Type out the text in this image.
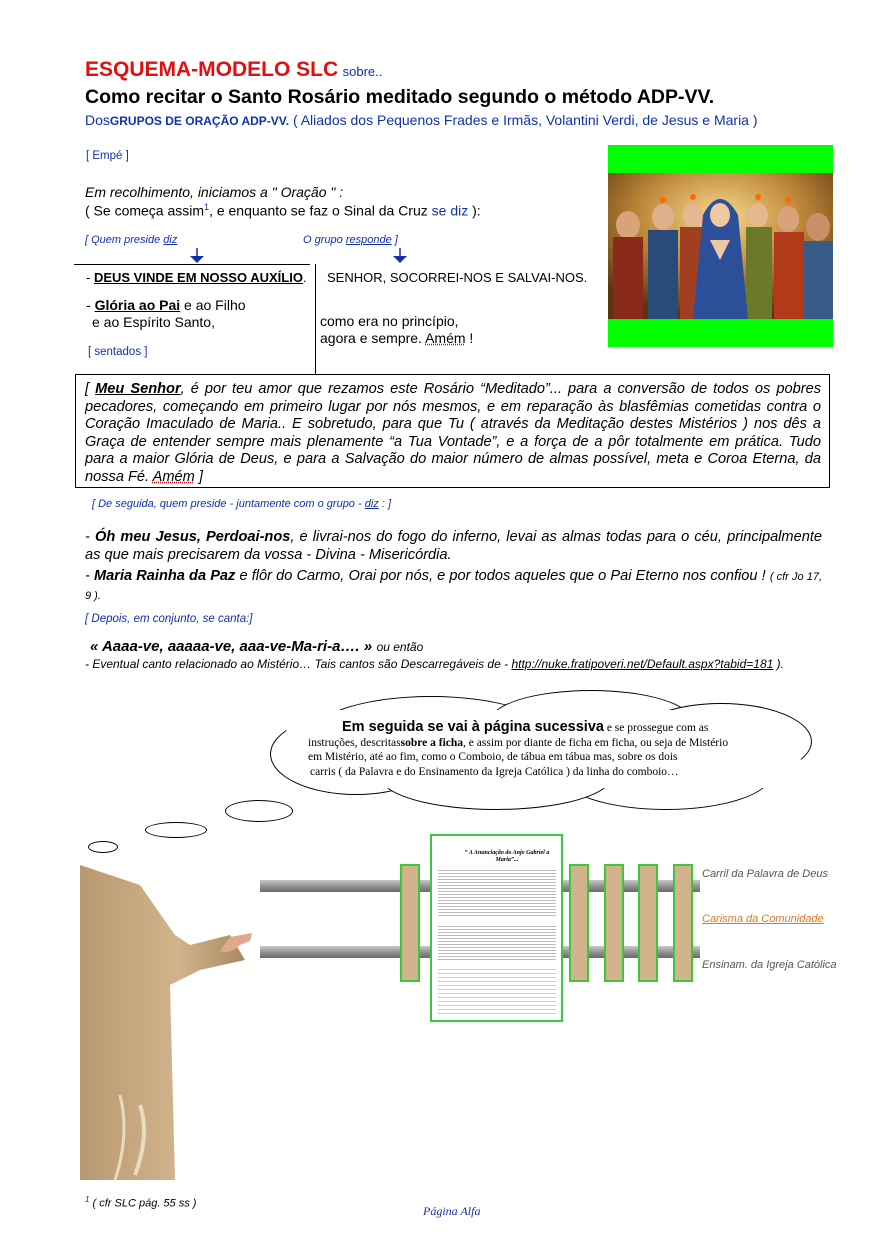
ESQUEMA-MODELO SLC sobre..
Como recitar o Santo Rosário meditado segundo o método ADP-VV.
DosGRUPOS DE ORAÇÃO ADP-VV. ( Aliados dos Pequenos Frades e Irmãs, Volantini Verdi, de Jesus e Maria )
[ Empé ]
Em recolhimento, iniciamos a " Oração " :
( Se começa assim$^1$, e enquanto se faz o Sinal da Cruz se diz ):
[ Quem preside diz	O grupo responde ]
- DEUS VINDE EM NOSSO AUXÍLIO. SENHOR, SOCORREI-NOS E SALVAI-NOS.
- Glória ao Pai e ao Filho
e ao Espírito Santo,	como era no princípio,
agora e sempre. Amém !
[ sentados ]
[ Meu Senhor, é por teu amor que rezamos este Rosário “Meditado”... para a conversão de todos os pobres pecadores, começando em primeiro lugar por nós mesmos, e em reparação às blasfêmias cometidas contra o Coração Imaculado de Maria.. E sobretudo, para que Tu ( através da Meditação destes Mistérios ) nos dês a Graça de entender sempre mais plenamente “a Tua Vontade”, e a força de a pôr totalmente em prática. Tudo para a maior Glória de Deus, e para a Salvação do maior número de almas possível, meta e Coroa Eterna, da nossa Fé. Amém ]
[ De seguida, quem preside - juntamente com o grupo - diz : ]
- Óh meu Jesus, Perdoai-nos, e livrai-nos do fogo do inferno, levai as almas todas para o céu, principalmente as que mais precisarem da vossa - Divina - Misericórdia.
- Maria Rainha da Paz e flôr do Carmo, Orai por nós, e por todos aqueles que o Pai Eterno nos confiou ! ( cfr Jo 17, 9 ).
[ Depois, em conjunto, se canta:]
« Aaaa-ve, aaaaa-ve, aaa-ve-Ma-ri-a…. » ou então
- Eventual canto relacionado ao Mistério… Tais cantos são Descarregáveis de - http://nuke.fratipoveri.net/Default.aspx?tabid=181 ).
Em seguida se vai à página sucessiva e se prossegue com as
instruções, descritassobre a ficha, e assim por diante de ficha em ficha, ou seja de Mistério
em Mistério, até ao fim, como o Comboio, de tábua em tábua mas, sobre os dois
carris ( da Palavra e do Ensinamento da Igreja Católica ) da linha do comboio…
“ A Anunciação do Anjo Gabriel a Maria”...
Carril da Palavra de Deus
Carisma da Comunidade
Ensinam. da Igreja Católica
$^1$ ( cfr SLC pág. 55 ss )
Página Alfa
